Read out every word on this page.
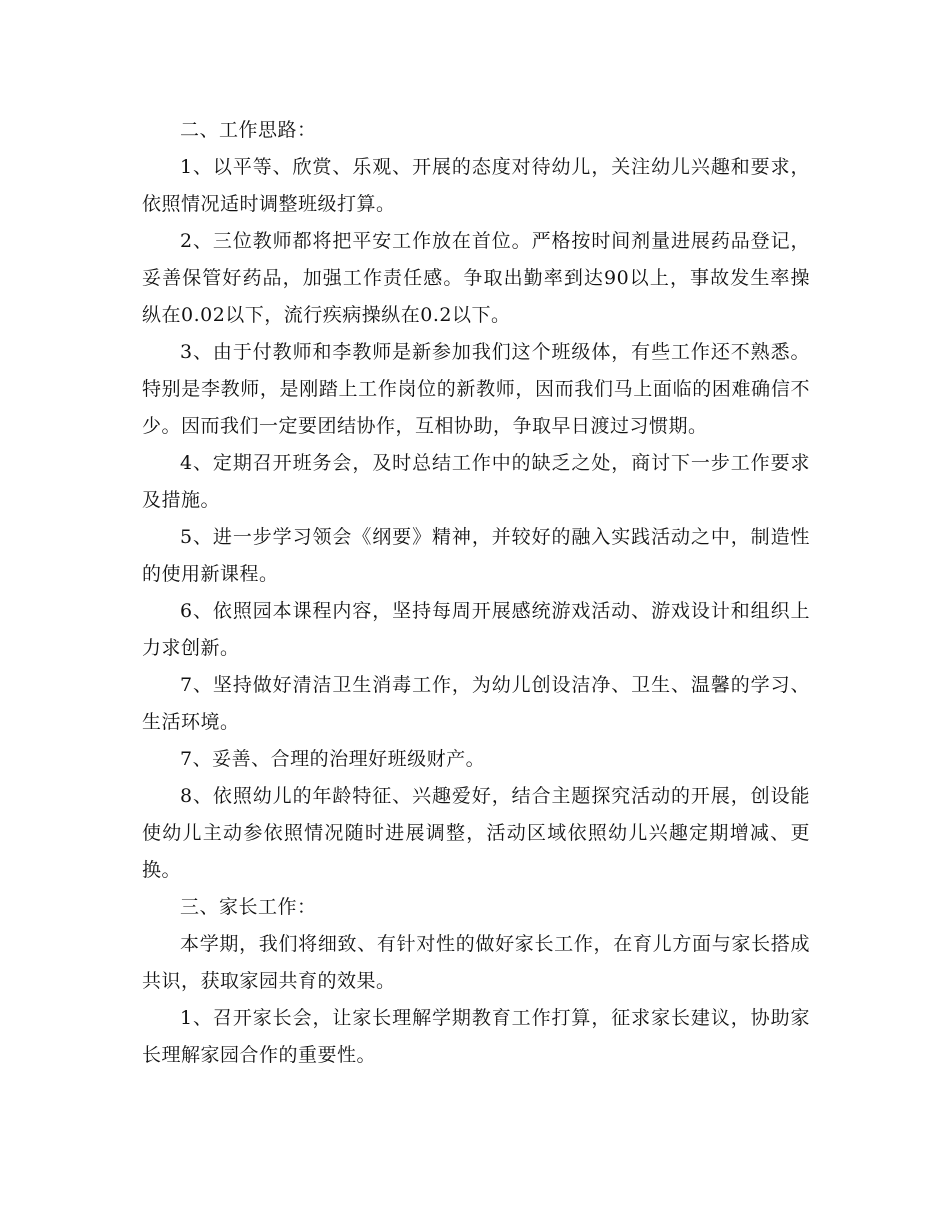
二、工作思路：

1、以平等、欣赏、乐观、开展的态度对待幼儿，关注幼儿兴趣和要求，依照情况适时调整班级打算。

2、三位教师都将把平安工作放在首位。严格按时间剂量进展药品登记，妥善保管好药品，加强工作责任感。争取出勤率到达90以上，事故发生率操纵在0.02以下，流行疾病操纵在0.2以下。

3、由于付教师和李教师是新参加我们这个班级体，有些工作还不熟悉。特别是李教师，是刚踏上工作岗位的新教师，因而我们马上面临的困难确信不少。因而我们一定要团结协作，互相协助，争取早日渡过习惯期。

4、定期召开班务会，及时总结工作中的缺乏之处，商讨下一步工作要求及措施。

5、进一步学习领会《纲要》精神，并较好的融入实践活动之中，制造性的使用新课程。

6、依照园本课程内容，坚持每周开展感统游戏活动、游戏设计和组织上力求创新。

7、坚持做好清洁卫生消毒工作，为幼儿创设洁净、卫生、温馨的学习、生活环境。

7、妥善、合理的治理好班级财产。

8、依照幼儿的年龄特征、兴趣爱好，结合主题探究活动的开展，创设能使幼儿主动参依照情况随时进展调整，活动区域依照幼儿兴趣定期增减、更换。

三、家长工作：

本学期，我们将细致、有针对性的做好家长工作，在育儿方面与家长搭成共识，获取家园共育的效果。

1、召开家长会，让家长理解学期教育工作打算，征求家长建议，协助家长理解家园合作的重要性。
